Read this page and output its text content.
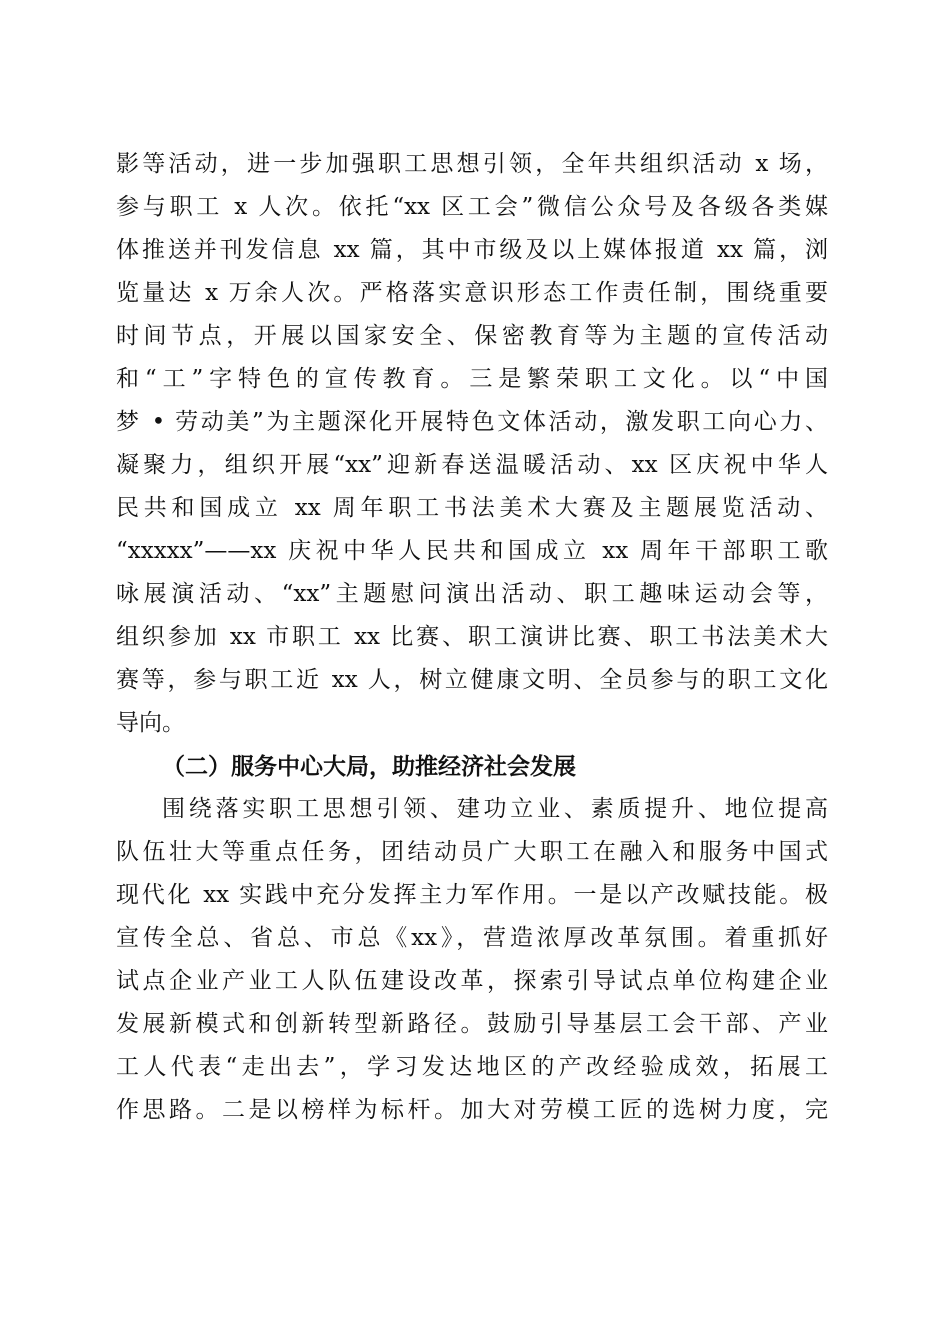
影等活动，进一步加强职工思想引领，全年共组织活动 x 场，
参与职工 x 人次。依托“xx 区工会”微信公众号及各级各类媒
体推送并刊发信息 xx 篇，其中市级及以上媒体报道 xx 篇，浏
览量达 x 万余人次。严格落实意识形态工作责任制，围绕重要
时间节点，开展以国家安全、保密教育等为主题的宣传活动
和“工”字特色的宣传教育。三是繁荣职工文化。以“中国
梦 • 劳动美”为主题深化开展特色文体活动，激发职工向心力、
凝聚力，组织开展“xx”迎新春送温暖活动、xx 区庆祝中华人
民共和国成立 xx 周年职工书法美术大赛及主题展览活动、
“xxxxx”——xx 庆祝中华人民共和国成立 xx 周年干部职工歌
咏展演活动、“xx”主题慰问演出活动、职工趣味运动会等，
组织参加 xx 市职工 xx 比赛、职工演讲比赛、职工书法美术大
赛等，参与职工近 xx 人，树立健康文明、全员参与的职工文化
导向。
（二）服务中心大局，助推经济社会发展
围绕落实职工思想引领、建功立业、素质提升、地位提高
队伍壮大等重点任务，团结动员广大职工在融入和服务中国式
现代化 xx 实践中充分发挥主力军作用。一是以产改赋技能。极
宣传全总、省总、市总《xx》，营造浓厚改革氛围。着重抓好
试点企业产业工人队伍建设改革，探索引导试点单位构建企业
发展新模式和创新转型新路径。鼓励引导基层工会干部、产业
工人代表“走出去”，学习发达地区的产改经验成效，拓展工
作思路。二是以榜样为标杆。加大对劳模工匠的选树力度，完
